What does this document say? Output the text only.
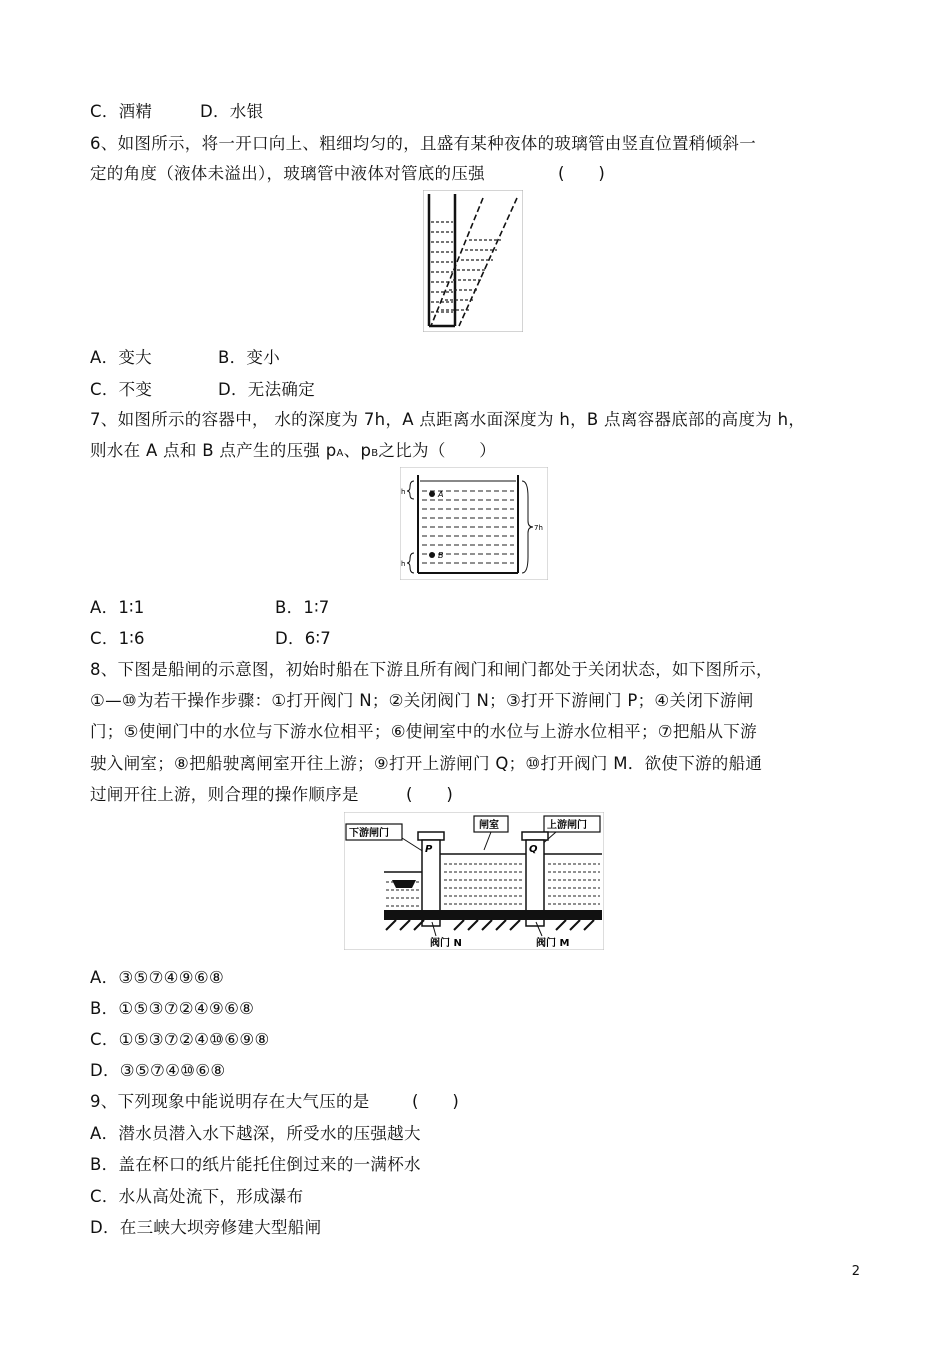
C．酒精	D．水银
6、如图所示，将一开口向上、粗细均匀的，且盛有某种夜体的玻璃管由竖直位置稍倾斜一
定的角度（液体未溢出），玻璃管中液体对管底的压强	(　　)
A．变大	B．变小
C．不变	D．无法确定
7、如图所示的容器中， 水的深度为 7h，A 点距离水面深度为 h，B 点离容器底部的高度为 h，
则水在 A 点和 B 点产生的压强 pA、pB之比为（　　）
A
B
h
h
7h
A．1∶1	B．1∶7
C．1∶6	D．6∶7
8、下图是船闸的示意图，初始时船在下游且所有阀门和闸门都处于关闭状态，如下图所示，
①—⑩为若干操作步骤：①打开阀门 N；②关闭阀门 N；③打开下游闸门 P；④关闭下游闸
门；⑤使闸门中的水位与下游水位相平；⑥使闸室中的水位与上游水位相平；⑦把船从下游
驶入闸室；⑧把船驶离闸室开往上游；⑨打开上游闸门 Q；⑩打开阀门 M．欲使下游的船通
过闸开往上游，则合理的操作顺序是	(　　)
下游闸门
闸室	上游闸门
P	Q
阀门 N	阀门 M
A．③⑤⑦④⑨⑥⑧
B．①⑤③⑦②④⑨⑥⑧
C．①⑤③⑦②④⑩⑥⑨⑧
D．③⑤⑦④⑩⑥⑧
9、下列现象中能说明存在大气压的是	(　　)
A．潜水员潜入水下越深，所受水的压强越大
B．盖在杯口的纸片能托住倒过来的一满杯水
C．水从高处流下，形成瀑布
D．在三峡大坝旁修建大型船闸
2
